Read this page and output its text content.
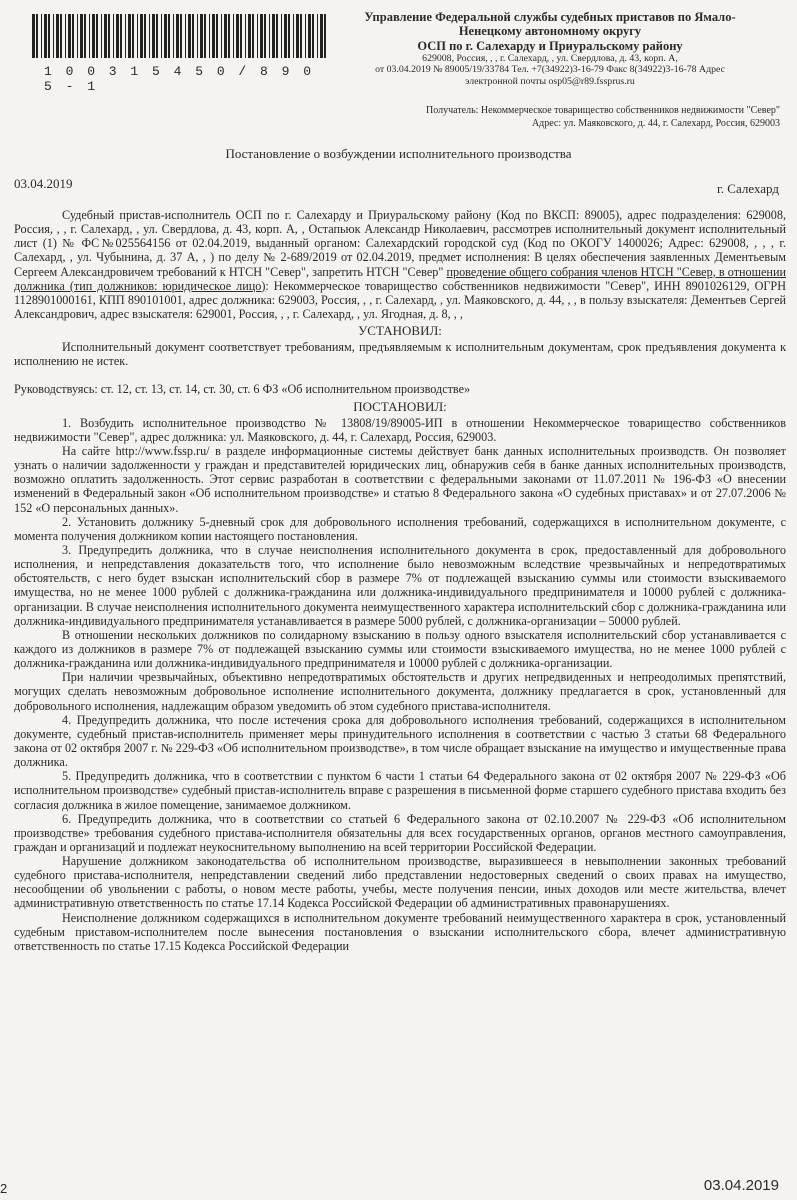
1 0 0 3 1 5 4 5 0 / 8 9 0 5 - 1
Управление Федеральной службы судебных приставов по Ямало-Ненецкому автономному округу
ОСП по г. Салехарду и Приуральскому району
629008, Россия, , , г. Салехард, , ул. Свердлова, д. 43, корп. А,
от 03.04.2019 № 89005/19/33784 Тел. +7(34922)3-16-79 Факс 8(34922)3-16-78 Адрес
электронной почты osp05@r89.fssprus.ru
Получатель: Некоммерческое товарищество собственников недвижимости "Север"
Адрес: ул. Маяковского, д. 44, г. Салехард, Россия, 629003
Постановление о возбуждении исполнительного производства
03.04.2019	г. Салехард

Судебный пристав-исполнитель ОСП по г. Салехарду и Приуральскому району (Код по ВКСП: 89005), адрес подразделения: 629008, Россия, , , г. Салехард, , ул. Свердлова, д. 43, корп. А, , Остапьюк Александр Николаевич, рассмотрев исполнительный документ исполнительный лист (1) № ФС№025564156 от 02.04.2019, выданный органом: Салехардский городской суд (Код по ОКОГУ 1400026; Адрес: 629008, , , , г. Салехард, , ул. Чубынина, д. 37 А, , ) по делу № 2-689/2019 от 02.04.2019, предмет исполнения: В целях обеспечения заявленных Дементьевым Сергеем Александровичем требований к НТСН "Север", запретить НТСН "Север" проведение общего собрания членов НТСН "Север, в отношении должника (тип должников: юридическое лицо): Некоммерческое товарищество собственников недвижимости "Север", ИНН 8901026129, ОГРН 1128901000161, КПП 890101001, адрес должника: 629003, Россия, , , г. Салехард, , ул. Маяковского, д. 44, , , в пользу взыскателя: Дементьев Сергей Александрович, адрес взыскателя: 629001, Россия, , , г. Салехард, , ул. Ягодная, д. 8, , ,

УСТАНОВИЛ:

Исполнительный документ соответствует требованиям, предъявляемым к исполнительным документам, срок предъявления документа к исполнению не истек.

Руководствуясь: ст. 12, ст. 13, ст. 14, ст. 30, ст. 6 ФЗ «Об исполнительном производстве»

ПОСТАНОВИЛ:

1. Возбудить исполнительное производство № 13808/19/89005-ИП в отношении Некоммерческое товарищество собственников недвижимости "Север", адрес должника: ул. Маяковского, д. 44, г. Салехард, Россия, 629003.

На сайте http://www.fssp.ru/ в разделе информационные системы действует банк данных исполнительных производств. Он позволяет узнать о наличии задолженности у граждан и представителей юридических лиц, обнаружив себя в банке данных исполнительных производств, возможно оплатить задолженность. Этот сервис разработан в соответствии с федеральными законами от 11.07.2011 № 196-ФЗ «О внесении изменений в Федеральный закон «Об исполнительном производстве» и статью 8 Федерального закона «О судебных приставах» и от 27.07.2006 № 152 «О персональных данных».

2. Установить должнику 5-дневный срок для добровольного исполнения требований, содержащихся в исполнительном документе, с момента получения должником копии настоящего постановления.

3. Предупредить должника, что в случае неисполнения исполнительного документа в срок, предоставленный для добровольного исполнения, и непредставления доказательств того, что исполнение было невозможным вследствие чрезвычайных и непредотвратимых обстоятельств, с него будет взыскан исполнительский сбор в размере 7% от подлежащей взысканию суммы или стоимости взыскиваемого имущества, но не менее 1000 рублей с должника-гражданина или должника-индивидуального предпринимателя и 10000 рублей с должника-организации. В случае неисполнения исполнительного документа неимущественного характера исполнительский сбор с должника-гражданина или должника-индивидуального предпринимателя устанавливается в размере 5000 рублей, с должника-организации – 50000 рублей.

В отношении нескольких должников по солидарному взысканию в пользу одного взыскателя исполнительский сбор устанавливается с каждого из должников в размере 7% от подлежащей взысканию суммы или стоимости взыскиваемого имущества, но не менее 1000 рублей с должника-гражданина или должника-индивидуального предпринимателя и 10000 рублей с должника-организации.

При наличии чрезвычайных, объективно непредотвратимых обстоятельств и других непредвиденных и непреодолимых препятствий, могущих сделать невозможным добровольное исполнение исполнительного документа, должнику предлагается в срок, установленный для добровольного исполнения, надлежащим образом уведомить об этом судебного пристава-исполнителя.

4. Предупредить должника, что после истечения срока для добровольного исполнения требований, содержащихся в исполнительном документе, судебный пристав-исполнитель применяет меры принудительного исполнения в соответствии с частью 3 статьи 68 Федерального закона от 02 октября 2007 г. № 229-ФЗ «Об исполнительном производстве», в том числе обращает взыскание на имущество и имущественные права должника.

5. Предупредить должника, что в соответствии с пунктом 6 части 1 статьи 64 Федерального закона от 02 октября 2007 № 229-ФЗ «Об исполнительном производстве» судебный пристав-исполнитель вправе с разрешения в письменной форме старшего судебного пристава входить без согласия должника в жилое помещение, занимаемое должником.

6. Предупредить должника, что в соответствии со статьей 6 Федерального закона от 02.10.2007 № 229-ФЗ «Об исполнительном производстве» требования судебного пристава-исполнителя обязательны для всех государственных органов, органов местного самоуправления, граждан и организаций и подлежат неукоснительному выполнению на всей территории Российской Федерации.

Нарушение должником законодательства об исполнительном производстве, выразившееся в невыполнении законных требований судебного пристава-исполнителя, непредставлении сведений либо представлении недостоверных сведений о своих правах на имущество, несообщении об увольнении с работы, о новом месте работы, учебы, месте получения пенсии, иных доходов или месте жительства, влечет административную ответственность по статье 17.14 Кодекса Российской Федерации об административных правонарушениях.

Неисполнение должником содержащихся в исполнительном документе требований неимущественного характера в срок, установленный судебным приставом-исполнителем после вынесения постановления о взыскании исполнительского сбора, влечет административную ответственность по статье 17.15 Кодекса Российской Федерации

2	03.04.2019
